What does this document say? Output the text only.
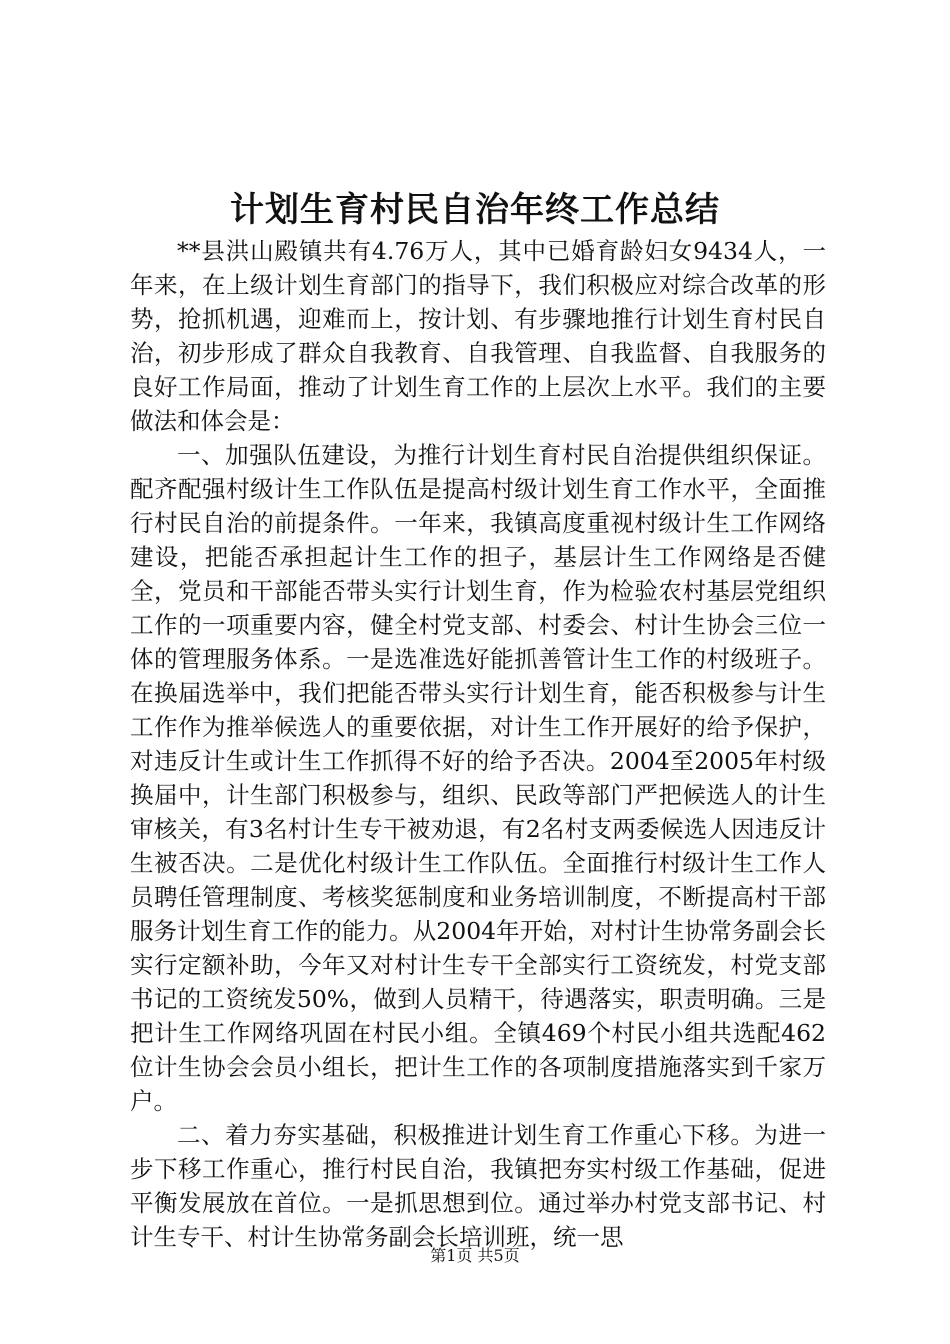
计划生育村民自治年终工作总结

**县洪山殿镇共有4.76万人，其中已婚育龄妇女9434人，一年来，在上级计划生育部门的指导下，我们积极应对综合改革的形势，抢抓机遇，迎难而上，按计划、有步骤地推行计划生育村民自治，初步形成了群众自我教育、自我管理、自我监督、自我服务的良好工作局面，推动了计划生育工作的上层次上水平。我们的主要做法和体会是：

一、加强队伍建设，为推行计划生育村民自治提供组织保证。配齐配强村级计生工作队伍是提高村级计划生育工作水平，全面推行村民自治的前提条件。一年来，我镇高度重视村级计生工作网络建设，把能否承担起计生工作的担子，基层计生工作网络是否健全，党员和干部能否带头实行计划生育，作为检验农村基层党组织工作的一项重要内容，健全村党支部、村委会、村计生协会三位一体的管理服务体系。一是选准选好能抓善管计生工作的村级班子。在换届选举中，我们把能否带头实行计划生育，能否积极参与计生工作作为推举候选人的重要依据，对计生工作开展好的给予保护，对违反计生或计生工作抓得不好的给予否决。2004至2005年村级换届中，计生部门积极参与，组织、民政等部门严把候选人的计生审核关，有3名村计生专干被劝退，有2名村支两委候选人因违反计生被否决。二是优化村级计生工作队伍。全面推行村级计生工作人员聘任管理制度、考核奖惩制度和业务培训制度，不断提高村干部服务计划生育工作的能力。从2004年开始，对村计生协常务副会长实行定额补助，今年又对村计生专干全部实行工资统发，村党支部书记的工资统发50%，做到人员精干，待遇落实，职责明确。三是把计生工作网络巩固在村民小组。全镇469个村民小组共选配462位计生协会会员小组长，把计生工作的各项制度措施落实到千家万户。

二、着力夯实基础，积极推进计划生育工作重心下移。为进一步下移工作重心，推行村民自治，我镇把夯实村级工作基础，促进平衡发展放在首位。一是抓思想到位。通过举办村党支部书记、村计生专干、村计生协常务副会长培训班，统一思

第1页 共5页
